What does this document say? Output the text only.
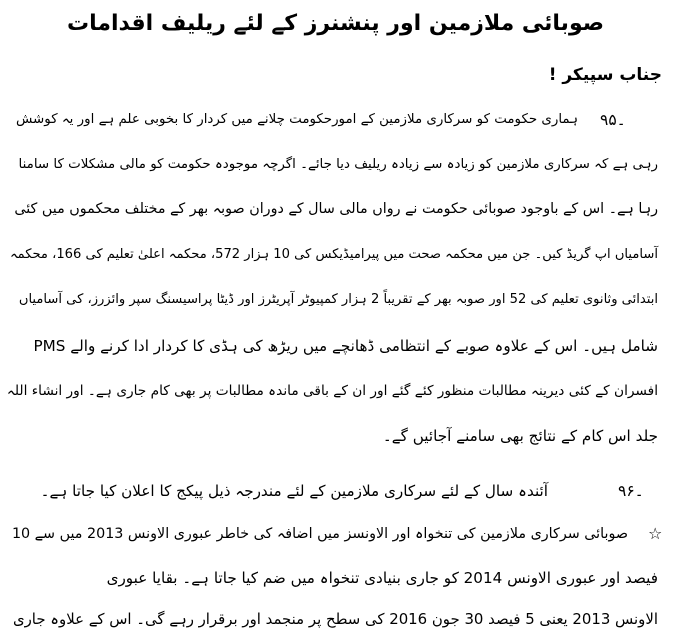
صوبائی ملازمین اور پنشنرز کے لئے ریلیف اقدامات
جناب سپیکر !
۹۵۔
ہماری حکومت کو سرکاری ملازمین کے امورحکومت چلانے میں کردار کا بخوبی علم ہے اور یہ کوشش
رہی ہے کہ سرکاری ملازمین کو زیادہ سے زیادہ ریلیف دیا جائے۔ اگرچہ موجودہ حکومت کو مالی مشکلات کا سامنا
رہا ہے۔ اس کے باوجود صوبائی حکومت نے رواں مالی سال کے دوران صوبہ بھر کے مختلف محکموں میں کئی
آسامیاں اپ گریڈ کیں۔ جن میں محکمہ صحت میں پیرامیڈیکس کی 10 ہزار 572، محکمہ اعلیٰ تعلیم کی 166، محکمہ
ابتدائی وثانوی تعلیم کی 52 اور صوبہ بھر کے تقریباً 2 ہزار کمپیوٹر آپریٹرز اور ڈیٹا پراسیسنگ سپر وائزرز، کی آسامیاں
شامل ہیں۔ اس کے علاوہ صوبے کے انتظامی ڈھانچے میں ریڑھ کی ہڈی کا کردار ادا کرنے والے PMS
افسران کے کئی دیرینہ مطالبات منظور کئے گئے اور ان کے باقی ماندہ مطالبات پر بھی کام جاری ہے۔ اور انشاء اللہ
جلد اس کام کے نتائج بھی سامنے آجائیں گے۔
۹۶۔
آئندہ سال کے لئے سرکاری ملازمین کے لئے مندرجہ ذیل پیکج کا اعلان کیا جاتا ہے۔
☆
صوبائی سرکاری ملازمین کی تنخواہ اور الاونسز میں اضافہ کی خاطر عبوری الاونس 2013 میں سے 10
فیصد اور عبوری الاونس 2014 کو جاری بنیادی تنخواہ میں ضم کیا جاتا ہے۔ بقایا عبوری
الاونس 2013 یعنی 5 فیصد 30 جون 2016 کی سطح پر منجمد اور برقرار رہے گی۔ اس کے علاوہ جاری
